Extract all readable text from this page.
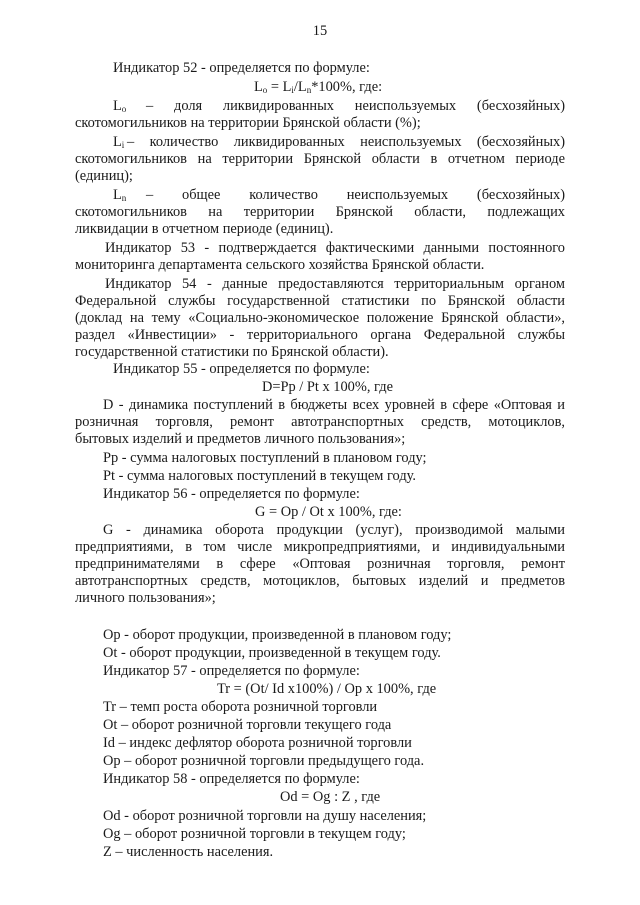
15
Индикатор 52 - определяется по формуле:
$L_о = L_i/L_n*100\%$, где:
$L_о$ – доля ликвидированных неиспользуемых (бесхозяйных)
скотомогильников на территории Брянской области (%);
$L_i$ – количество ликвидированных неиспользуемых (бесхозяйных)
скотомогильников на территории Брянской области в отчетном периоде
(единиц);
$L_n$ – общее количество неиспользуемых (бесхозяйных)
скотомогильников на территории Брянской области, подлежащих
ликвидации в отчетном периоде (единиц).
Индикатор 53 - подтверждается фактическими данными постоянного
мониторинга департамента сельского хозяйства Брянской области.
Индикатор 54 - данные предоставляются территориальным органом
Федеральной службы государственной статистики по Брянской области
(доклад на тему «Социально-экономическое положение Брянской области»,
раздел «Инвестиции» - территориального органа Федеральной службы
государственной статистики по Брянской области).
Индикатор 55 - определяется по формуле:
D=Pp / Pt х 100%, где
D - динамика поступлений в бюджеты всех уровней в сфере «Оптовая и
розничная торговля, ремонт автотранспортных средств, мотоциклов,
бытовых изделий и предметов личного пользования»;
Pp - сумма налоговых поступлений в плановом году;
Pt - сумма налоговых поступлений в текущем году.
Индикатор 56 - определяется по формуле:
G = Op / Ot х 100%, где:
G - динамика оборота продукции (услуг), производимой малыми
предприятиями, в том числе микропредприятиями, и индивидуальными
предпринимателями в сфере «Оптовая розничная торговля, ремонт
автотранспортных средств, мотоциклов, бытовых изделий и предметов
личного пользования»;
Op - оборот продукции, произведенной в плановом году;
Ot - оборот продукции, произведенной в текущем году.
Индикатор 57 - определяется по формуле:
Tr = (Ot/ Id х100%) / Op х 100%, где
Tr – темп роста оборота розничной торговли
Ot – оборот розничной торговли текущего года
Id – индекс дефлятор оборота розничной торговли
Op – оборот розничной торговли предыдущего года.
Индикатор 58 - определяется по формуле:
Od = Og : Z , где
Od - оборот розничной торговли на душу населения;
Og – оборот розничной торговли в текущем году;
Z – численность населения.
